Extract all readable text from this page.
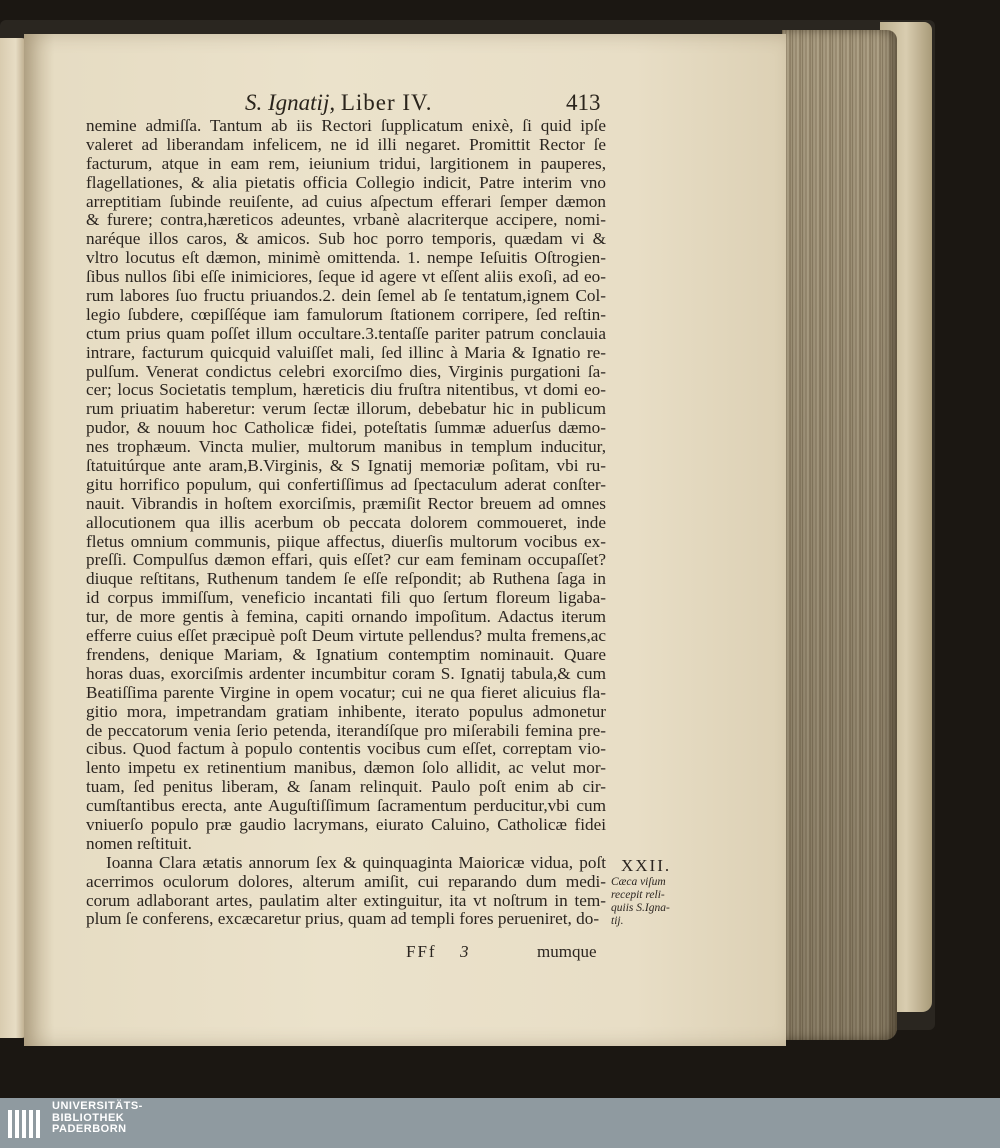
S. Ignatij, Liber IV.	413
nemine admiſſa. Tantum ab iis Rectori ſupplicatum enixè, ſi quid ipſe
valeret ad liberandam infelicem, ne id illi negaret. Promittit Rector ſe
facturum, atque in eam rem, ieiunium tridui, largitionem in pauperes,
flagellationes, & alia pietatis officia Collegio indicit, Patre interim vno
arreptitiam ſubinde reuiſente, ad cuius aſpectum efferari ſemper dæmon
& furere; contra,hæreticos adeuntes, vrbanè alacriterque accipere, nomi-
naréque illos caros, & amicos. Sub hoc porro temporis, quædam vi &
vltro locutus eſt dæmon, minimè omittenda. 1. nempe Ieſuitis Oſtrogien-
ſibus nullos ſibi eſſe inimiciores, ſeque id agere vt eſſent aliis exoſi, ad eo-
rum labores ſuo fructu priuandos.2. dein ſemel ab ſe tentatum,ignem Col-
legio ſubdere, cœpiſſéque iam famulorum ſtationem corripere, ſed reſtin-
ctum prius quam poſſet illum occultare.3.tentaſſe pariter patrum conclauia
intrare, facturum quicquid valuiſſet mali, ſed illinc à Maria & Ignatio re-
pulſum. Venerat condictus celebri exorciſmo dies, Virginis purgationi ſa-
cer; locus Societatis templum, hæreticis diu fruſtra nitentibus, vt domi eo-
rum priuatim haberetur: verum ſectæ illorum, debebatur hic in publicum
pudor, & nouum hoc Catholicæ fidei, poteſtatis ſummæ aduerſus dæmo-
nes trophæum. Vincta mulier, multorum manibus in templum inducitur,
ſtatuitúrque ante aram,B.Virginis, & S Ignatij memoriæ poſitam, vbi ru-
gitu horrifico populum, qui confertiſſimus ad ſpectaculum aderat conſter-
nauit. Vibrandis in hoſtem exorciſmis, præmiſit Rector breuem ad omnes
allocutionem qua illis acerbum ob peccata dolorem commoueret, inde
fletus omnium communis, piique affectus, diuerſis multorum vocibus ex-
preſſi. Compulſus dæmon effari, quis eſſet? cur eam feminam occupaſſet?
diuque reſtitans, Ruthenum tandem ſe eſſe reſpondit; ab Ruthena ſaga in
id corpus immiſſum, veneficio incantati fili quo ſertum floreum ligaba-
tur, de more gentis à femina, capiti ornando impoſitum. Adactus iterum
efferre cuius eſſet præcipuè poſt Deum virtute pellendus? multa fremens,ac
frendens, denique Mariam, & Ignatium contemptim nominauit. Quare
horas duas, exorciſmis ardenter incumbitur coram S. Ignatij tabula,& cum
Beatiſſima parente Virgine in opem vocatur; cui ne qua fieret alicuius fla-
gitio mora, impetrandam gratiam inhibente, iterato populus admonetur
de peccatorum venia ſerio petenda, iterandíſque pro miſerabili femina pre-
cibus. Quod factum à populo contentis vocibus cum eſſet, correptam vio-
lento impetu ex retinentium manibus, dæmon ſolo allidit, ac velut mor-
tuam, ſed penitus liberam, & ſanam relinquit. Paulo poſt enim ab cir-
cumſtantibus erecta, ante Auguſtiſſimum ſacramentum perducitur,vbi cum
vniuerſo populo præ gaudio lacrymans, eiurato Caluino, Catholicæ fidei
nomen reſtituit.
Ioanna Clara ætatis annorum ſex & quinquaginta Maioricæ vidua, poſt
acerrimos oculorum dolores, alterum amiſit, cui reparando dum medi-
corum adlaborant artes, paulatim alter extinguitur, ita vt noſtrum in tem-
plum ſe conferens, excæcaretur prius, quam ad templi fores perueniret, do-
XXII.
Cæca viſum
recepit reli-
quiis S.Igna-
tij.
FFf 3	mumque
UNIVERSITÄTS-
BIBLIOTHEK
PADERBORN
